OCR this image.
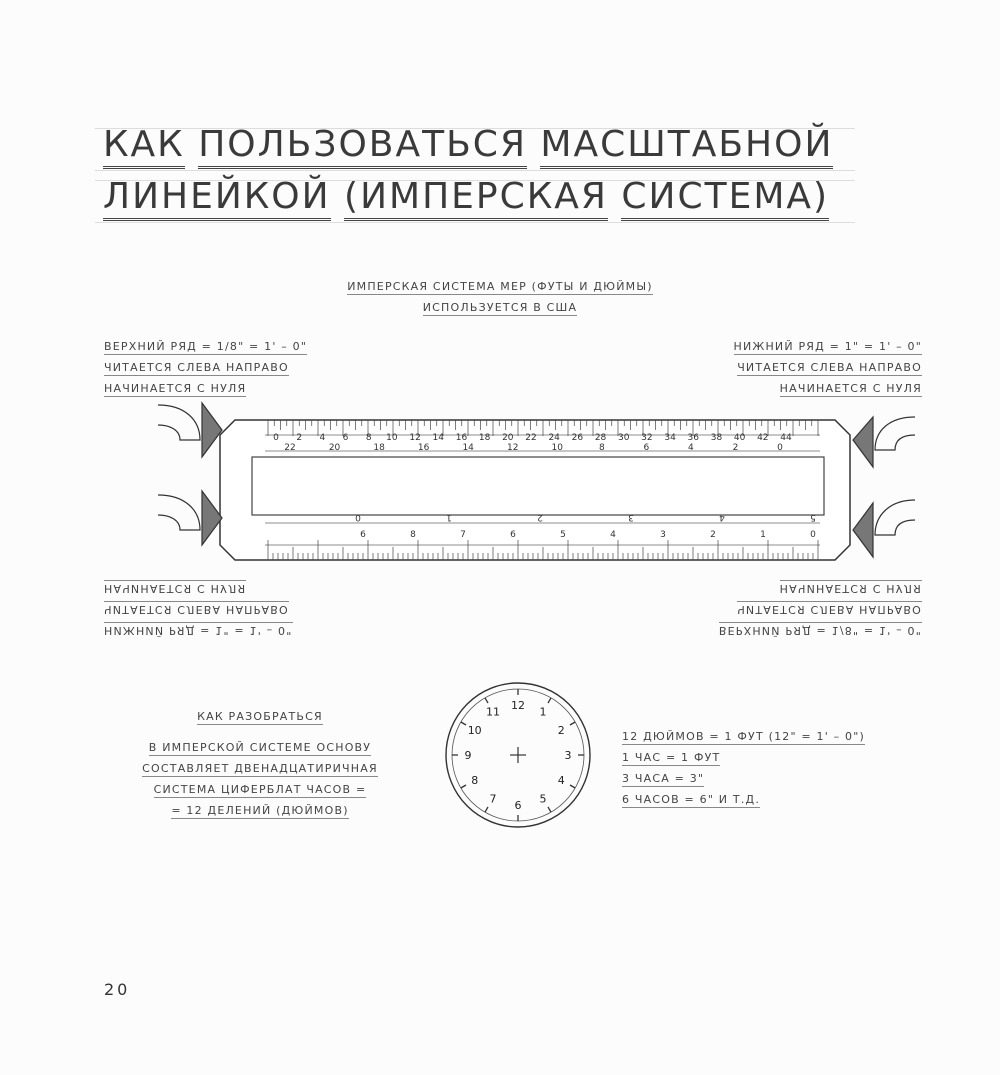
КАК ПОЛЬЗОВАТЬСЯ МАСШТАБНОЙ
ЛИНЕЙКОЙ (ИМПЕРСКАЯ СИСТЕМА)
ИМПЕРСКАЯ СИСТЕМА МЕР (ФУТЫ И ДЮЙМЫ)
ИСПОЛЬЗУЕТСЯ В США
ВЕРХНИЙ РЯД = 1/8" = 1' – 0"
ЧИТАЕТСЯ СЛЕВА НАПРАВО
НАЧИНАЕТСЯ С НУЛЯ
НИЖНИЙ РЯД = 1" = 1' – 0"
ЧИТАЕТСЯ СЛЕВА НАПРАВО
НАЧИНАЕТСЯ С НУЛЯ
0 2 4 6 8 10 12 14 16 18 20 22 24 26 28 30 32 34 36 38 40 42 44
22	20	18	16	14	12	10	8	6	4	2	0
6	8	7	6	5	4	3	2	1	0
0	1	2	3	4	5
НИЖНИЙ РЯД = 1" = 1' – 0"
ЧИТАЕТСЯ СЛЕВА НАПРАВО
НАЧИНАЕТСЯ С НУЛЯ
ВЕРХНИЙ РЯД = 1/8" = 1' – 0"
ЧИТАЕТСЯ СЛЕВА НАПРАВО
НАЧИНАЕТСЯ С НУЛЯ
КАК РАЗОБРАТЬСЯ
В ИМПЕРСКОЙ СИСТЕМЕ ОСНОВУ
СОСТАВЛЯЕТ ДВЕНАДЦАТИРИЧНАЯ
СИСТЕМА ЦИФЕРБЛАТ ЧАСОВ =
= 12 ДЕЛЕНИЙ (ДЮЙМОВ)
12
1
2
3
4
5
6
7
8
9
10
11
12 ДЮЙМОВ = 1 ФУТ (12" = 1' – 0")
1 ЧАС = 1 ФУТ
3 ЧАСА = 3"
6 ЧАСОВ = 6" И Т.Д.
20
